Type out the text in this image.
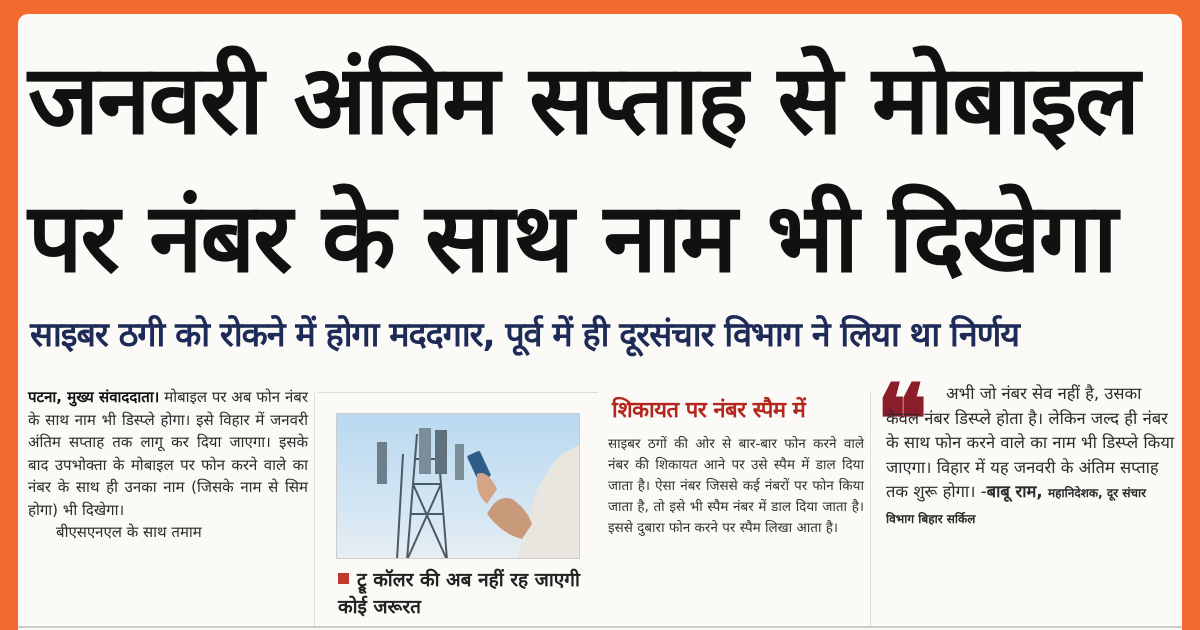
जनवरी अंतिम सप्ताह से मोबाइल
पर नंबर के साथ नाम भी दिखेगा
साइबर ठगी को रोकने में होगा मददगार, पूर्व में ही दूरसंचार विभाग ने लिया था निर्णय

पटना, मुख्य संवाददाता। मोबाइल पर अब फोन नंबर के साथ नाम भी डिस्प्ले होगा। इसे विहार में जनवरी अंतिम सप्ताह तक लागू कर दिया जाएगा। इसके बाद उपभोक्ता के मोबाइल पर फोन करने वाले का नंबर के साथ ही उनका नाम (जिसके नाम से सिम होगा) भी दिखेगा।

बीएसएनएल के साथ तमाम

ट्रू कॉलर की अब नहीं रह जाएगी कोई जरूरत
शिकायत पर नंबर स्पैम में
साइबर ठगों की ओर से बार-बार फोन करने वाले नंबर की शिकायत आने पर उसे स्पैम में डाल दिया जाता है। ऐसा नंबर जिससे कई नंबरों पर फोन किया जाता है, तो इसे भी स्पैम नंबर में डाल दिया जाता है। इससे दुबारा फोन करने पर स्पैम लिखा आता है।
❝	अभी जो नंबर सेव नहीं है, उसका केवल नंबर डिस्प्ले होता है। लेकिन जल्द ही नंबर के साथ फोन करने वाले का नाम भी डिस्प्ले किया जाएगा। विहार में यह जनवरी के अंतिम सप्ताह तक शुरू होगा। -बाबू राम, महानिदेशक, दूर संचार विभाग बिहार सर्किल
